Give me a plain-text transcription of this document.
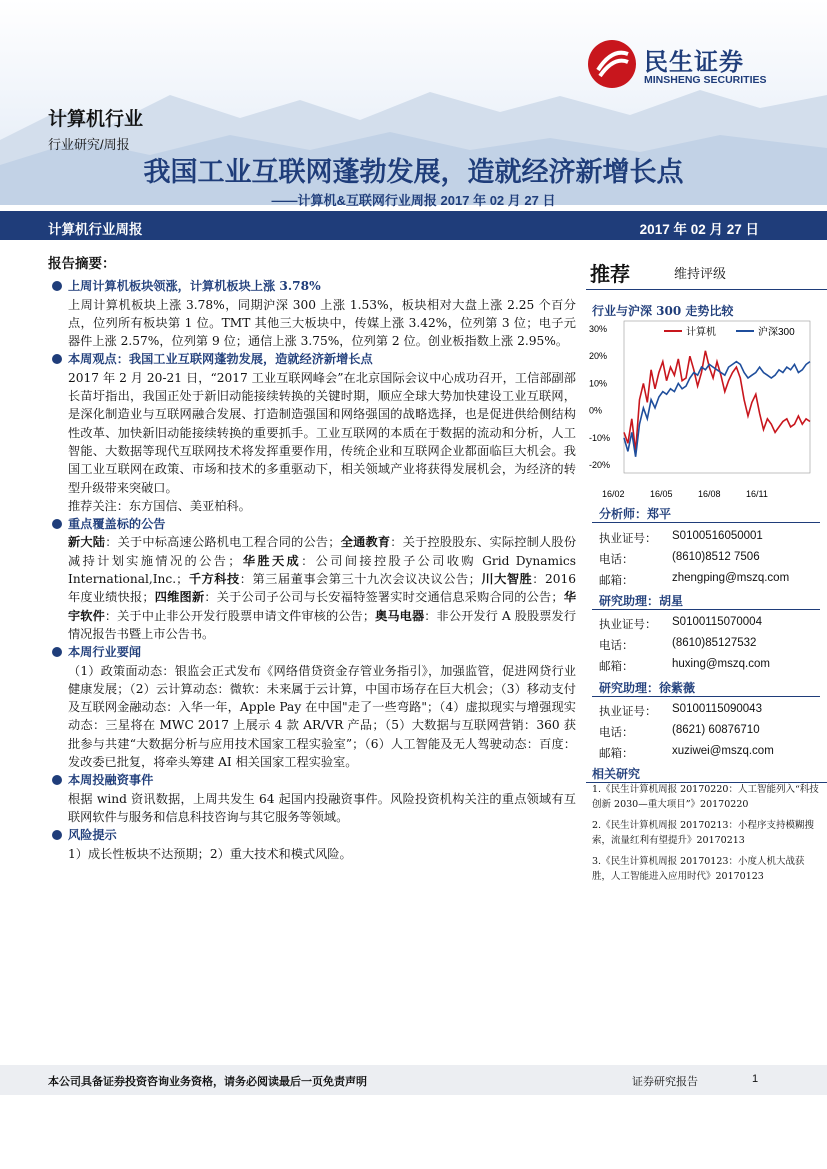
民生证券
MINSHENG SECURITIES
计算机行业
行业研究/周报
我国工业互联网蓬勃发展，造就经济新增长点
——计算机&互联网行业周报 2017 年 02 月 27 日
计算机行业周报	2017 年 02 月 27 日

报告摘要：

上周计算机板块领涨，计算机板块上涨 3.78%

上周计算机板块上涨 3.78%，同期沪深 300 上涨 1.53%，板块相对大盘上涨 2.25 个百分点，位列所有板块第 1 位。TMT 其他三大板块中，传媒上涨 3.42%，位列第 3 位；电子元器件上涨 2.57%，位列第 9 位；通信上涨 3.75%，位列第 2 位。创业板指数上涨 2.95%。

本周观点：我国工业互联网蓬勃发展，造就经济新增长点

2017 年 2 月 20-21 日，“2017 工业互联网峰会”在北京国际会议中心成功召开，工信部副部长苗圩指出，我国正处于新旧动能接续转换的关键时期，顺应全球大势加快建设工业互联网，是深化制造业与互联网融合发展、打造制造强国和网络强国的战略选择，也是促进供给侧结构性改革、加快新旧动能接续转换的重要抓手。工业互联网的本质在于数据的流动和分析，人工智能、大数据等现代互联网技术将发挥重要作用，传统企业和互联网企业都面临巨大机会。我国工业互联网在政策、市场和技术的多重驱动下，相关领域产业将获得发展机会，为经济的转型升级带来突破口。

推荐关注：东方国信、美亚柏科。

重点覆盖标的公告

新大陆：关于中标高速公路机电工程合同的公告；全通教育：关于控股股东、实际控制人股份减持计划实施情况的公告；华胜天成：公司间接控股子公司收购 Grid Dynamics International,Inc.；千方科技：第三届董事会第三十九次会议决议公告；川大智胜：2016 年度业绩快报；四维图新：关于公司子公司与长安福特签署实时交通信息采购合同的公告；华宇软件：关于中止非公开发行股票申请文件审核的公告；奥马电器：非公开发行 A 股股票发行情况报告书暨上市公告书。

本周行业要闻

（1）政策面动态：银监会正式发布《网络借贷资金存管业务指引》，加强监管，促进网贷行业健康发展；（2）云计算动态：微软：未来属于云计算，中国市场存在巨大机会；（3）移动支付及互联网金融动态：入华一年，Apple Pay 在中国"走了一些弯路"；（4）虚拟现实与增强现实动态：三星将在 MWC 2017 上展示 4 款 AR/VR 产品；（5）大数据与互联网营销：360 获批参与共建“大数据分析与应用技术国家工程实验室”；（6）人工智能及无人驾驶动态：百度：发改委已批复，将牵头筹建 AI 相关国家工程实验室。

本周投融资事件

根据 wind 资讯数据，上周共发生 64 起国内投融资事件。风险投资机构关注的重点领域有互联网软件与服务和信息科技咨询与其它服务等领域。

风险提示

1）成长性板块不达预期；2）重大技术和模式风险。

推荐	维持评级
行业与沪深 300 走势比较
30%
20%
10%
0%
-10%
-20%
16/02	16/05	16/08	16/11
计算机	沪深300
分析师：郑平
执业证号： S0100516050001
电话：	(8610)8512 7506
邮箱：	zhengping@mszq.com
研究助理：胡星
执业证号： S0100115070004
电话：	(8610)85127532
邮箱：	huxing@mszq.com
研究助理：徐紫薇
执业证号： S0100115090043
电话：	(8621) 60876710
邮箱：	xuziwei@mszq.com
相关研究
1.《民生计算机周报 20170220：人工智能列入“科技创新 2030—重大项目”》20170220
2.《民生计算机周报 20170213：小程序支持模糊搜索，流量红利有望提升》20170213
3.《民生计算机周报 20170123：小度人机大战获胜，人工智能进入应用时代》20170123
本公司具备证券投资咨询业务资格，请务必阅读最后一页免责声明	证券研究报告	1
